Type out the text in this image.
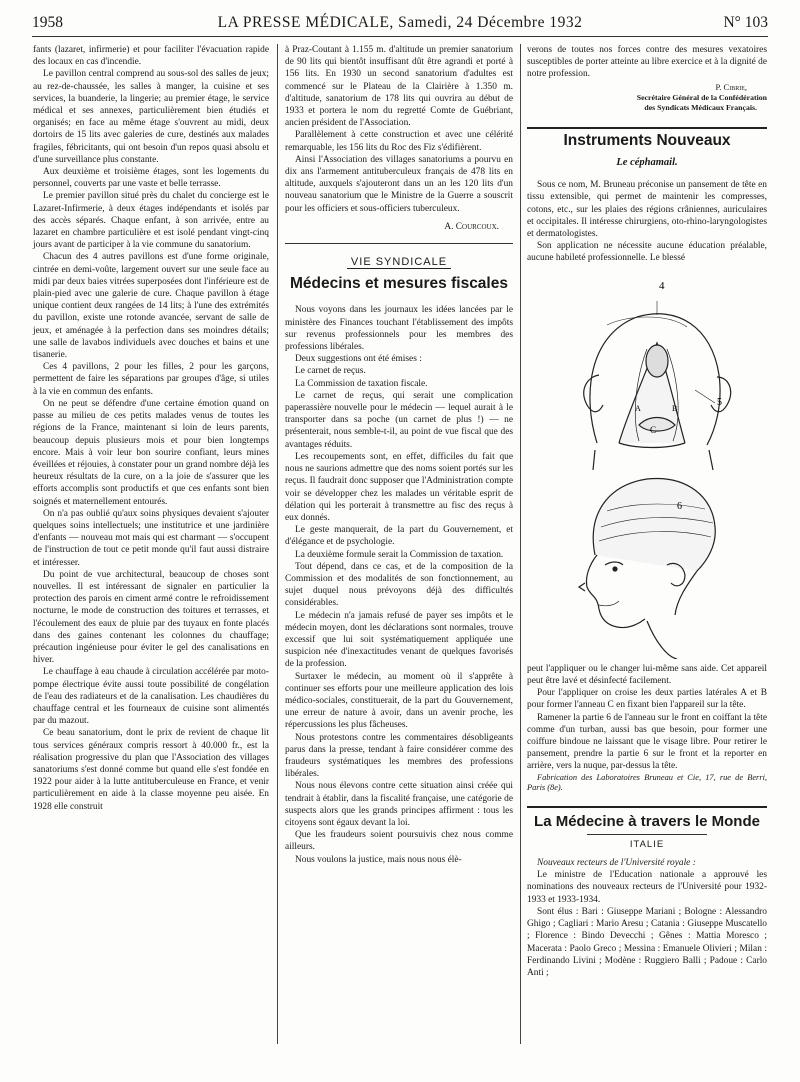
1958	LA PRESSE MÉDICALE, Samedi, 24 Décembre 1932	N° 103

fants (lazaret, infirmerie) et pour faciliter l'évacuation rapide des locaux en cas d'incendie.

Le pavillon central comprend au sous-sol des salles de jeux; au rez-de-chaussée, les salles à manger, la cuisine et ses services, la buanderie, la lingerie; au premier étage, le service médical et ses annexes, particulièrement bien étudiés et organisés; en face au même étage s'ouvrent au midi, deux dortoirs de 15 lits avec galeries de cure, destinés aux malades fragiles, fébricitants, qui ont besoin d'un repos quasi absolu et d'une surveillance plus constante.

Aux deuxième et troisième étages, sont les logements du personnel, couverts par une vaste et belle terrasse.

Le premier pavillon situé près du chalet du concierge est le Lazaret-Infirmerie, à deux étages indépendants et isolés par des accès séparés. Chaque enfant, à son arrivée, entre au lazaret en chambre particulière et est isolé pendant vingt-cinq jours avant de participer à la vie commune du sanatorium.

Chacun des 4 autres pavillons est d'une forme originale, cintrée en demi-voûte, largement ouvert sur une seule face au midi par deux baies vitrées superposées dont l'inférieure est de plain-pied avec une galerie de cure. Chaque pavillon à étage unique contient deux rangées de 14 lits; à l'une des extrémités du pavillon, existe une rotonde avancée, servant de salle de jeux, et aménagée à la perfection dans ses moindres détails; une salle de lavabos individuels avec douches et bains et une tisanerie.

Ces 4 pavillons, 2 pour les filles, 2 pour les garçons, permettent de faire les séparations par groupes d'âge, si utiles à la vie en commun des enfants.

On ne peut se défendre d'une certaine émotion quand on passe au milieu de ces petits malades venus de toutes les régions de la France, maintenant si loin de leurs parents, beaucoup depuis plusieurs mois et pour bien longtemps encore. Mais à voir leur bon sourire confiant, leurs mines éveillées et réjouies, à constater pour un grand nombre déjà les heureux résultats de la cure, on a la joie de s'assurer que les efforts accomplis sont productifs et que ces enfants sont bien soignés et maternellement entourés.

On n'a pas oublié qu'aux soins physiques devaient s'ajouter quelques soins intellectuels; une institutrice et une jardinière d'enfants — nouveau mot mais qui est charmant — s'occupent de l'instruction de tout ce petit monde qu'il faut aussi distraire et intéresser.

Du point de vue architectural, beaucoup de choses sont nouvelles. Il est intéressant de signaler en particulier la protection des parois en ciment armé contre le refroidissement nocturne, le mode de construction des toitures et terrasses, et l'écoulement des eaux de pluie par des tuyaux en fonte placés dans des gaines contenant les colonnes du chauffage; précaution ingénieuse pour éviter le gel des canalisations en hiver.

Le chauffage à eau chaude à circulation accélérée par moto-pompe électrique évite aussi toute possibilité de congélation de l'eau des radiateurs et de la canalisation. Les chaudières du chauffage central et les fourneaux de cuisine sont alimentés par du mazout.

Ce beau sanatorium, dont le prix de revient de chaque lit tous services généraux compris ressort à 40.000 fr., est la réalisation progressive du plan que l'Association des villages sanatoriums s'est donné comme but quand elle s'est fondée en 1922 pour aider à la lutte antituberculeuse en France, et venir particulièrement en aide à la classe moyenne peu aisée. En 1928 elle construit

à Praz-Coutant à 1.155 m. d'altitude un premier sanatorium de 90 lits qui bientôt insuffisant dût être agrandi et porté à 156 lits. En 1930 un second sanatorium d'adultes est commencé sur le Plateau de la Clairière à 1.350 m. d'altitude, sanatorium de 178 lits qui ouvrira au début de 1933 et portera le nom du regretté Comte de Guébriant, ancien président de l'Association.

Parallèlement à cette construction et avec une célérité remarquable, les 156 lits du Roc des Fiz s'édifièrent.

Ainsi l'Association des villages sanatoriums a pourvu en dix ans l'armement antituberculeux français de 478 lits en altitude, auxquels s'ajouteront dans un an les 120 lits d'un nouveau sanatorium que le Ministre de la Guerre a souscrit pour les officiers et sous-officiers tuberculeux.

A. Courcoux.

VIE SYNDICALE
Médecins et mesures fiscales

Nous voyons dans les journaux les idées lancées par le ministère des Finances touchant l'établissement des impôts sur revenus professionnels pour les membres des professions libérales.

Deux suggestions ont été émises :

Le carnet de reçus.

La Commission de taxation fiscale.

Le carnet de reçus, qui serait une complication paperassière nouvelle pour le médecin — lequel aurait à le transporter dans sa poche (un carnet de plus !) — ne présenterait, nous semble-t-il, au point de vue fiscal que des avantages réduits.

Les recoupements sont, en effet, difficiles du fait que nous ne saurions admettre que des noms soient portés sur les reçus. Il faudrait donc supposer que l'Administration compte voir se développer chez les malades un véritable esprit de délation qui les porterait à transmettre au fisc des reçus à eux donnés.

Le geste manquerait, de la part du Gouvernement, et d'élégance et de psychologie.

La deuxième formule serait la Commission de taxation.

Tout dépend, dans ce cas, et de la composition de la Commission et des modalités de son fonctionnement, au sujet duquel nous prévoyons déjà des difficultés considérables.

Le médecin n'a jamais refusé de payer ses impôts et le médecin moyen, dont les déclarations sont normales, trouve excessif que lui soit systématiquement appliquée une suspicion née d'inexactitudes venant de quelques favorisés de la profession.

Surtaxer le médecin, au moment où il s'apprête à continuer ses efforts pour une meilleure application des lois médico-sociales, constituerait, de la part du Gouvernement, une erreur de nature à avoir, dans un avenir proche, les répercussions les plus fâcheuses.

Nous protestons contre les commentaires désobligeants parus dans la presse, tendant à faire considérer comme des fraudeurs systématiques les membres des professions libérales.

Nous nous élevons contre cette situation ainsi créée qui tendrait à établir, dans la fiscalité française, une catégorie de suspects alors que les grands principes affirment : tous les citoyens sont égaux devant la loi.

Que les fraudeurs soient poursuivis chez nous comme ailleurs.

Nous voulons la justice, mais nous nous élè-

verons de toutes nos forces contre des mesures vexatoires susceptibles de porter atteinte au libre exercice et à la dignité de notre profession.

P. Cibrie,

Secrétaire Général de la Confédération

des Syndicats Médicaux Français.

Instruments Nouveaux
Le céphamail.

Sous ce nom, M. Bruneau préconise un pansement de tête en tissu extensible, qui permet de maintenir les compresses, cotons, etc., sur les plaies des régions crâniennes, auriculaires et occipitales. Il intéresse chirurgiens, oto-rhino-laryngologistes et dermatologistes.

Son application ne nécessite aucune éducation préalable, aucune habileté professionnelle. Le blessé

4
5
C
A	B
6

peut l'appliquer ou le changer lui-même sans aide. Cet appareil peut être lavé et désinfecté facilement.

Pour l'appliquer on croise les deux parties latérales A et B pour former l'anneau C en fixant bien l'appareil sur la tête.

Ramener la partie 6 de l'anneau sur le front en coiffant la tête comme d'un turban, aussi bas que besoin, pour former une coiffure bindoue ne laissant que le visage libre. Pour retirer le pansement, prendre la partie 6 sur le front et la reporter en arrière, vers la nuque, par-dessus la tête.

Fabrication des Laboratoires Bruneau et Cie, 17, rue de Berri, Paris (8e).

La Médecine à travers le Monde
ITALIE

Nouveaux recteurs de l'Université royale :

Le ministre de l'Education nationale a approuvé les nominations des nouveaux recteurs de l'Université pour 1932-1933 et 1933-1934.

Sont élus : Bari : Giuseppe Mariani ; Bologne : Alessandro Ghigo ; Cagliari : Mario Aresu ; Catania : Giuseppe Muscatello ; Florence : Bindo Devecchi ; Gênes : Mattia Moresco ; Macerata : Paolo Greco ; Messina : Emanuele Olivieri ; Milan : Ferdinando Livini ; Modène : Ruggiero Balli ; Padoue : Carlo Anti ;
